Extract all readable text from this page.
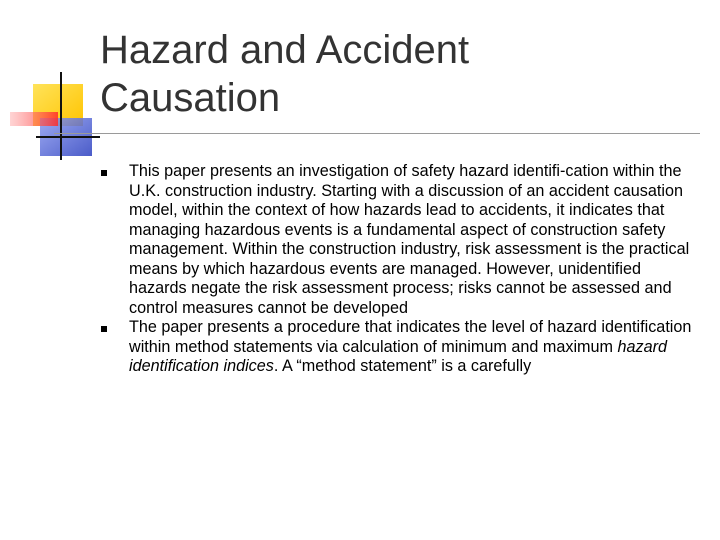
Hazard and Accident
Causation
This paper presents an investigation of safety hazard identifi-cation within the U.K. construction industry. Starting with a discussion of an accident causation model, within the context of how hazards lead to accidents, it indicates that managing hazardous events is a fundamental aspect of construction safety management. Within the construction industry, risk assessment is the practical means by which hazardous events are managed. However, unidentified hazards negate the risk assessment process; risks cannot be assessed and control measures cannot be developed
The paper presents a procedure that indicates the level of hazard identification within method statements via calculation of minimum and maximum hazard identification indices. A “method statement” is a carefully
